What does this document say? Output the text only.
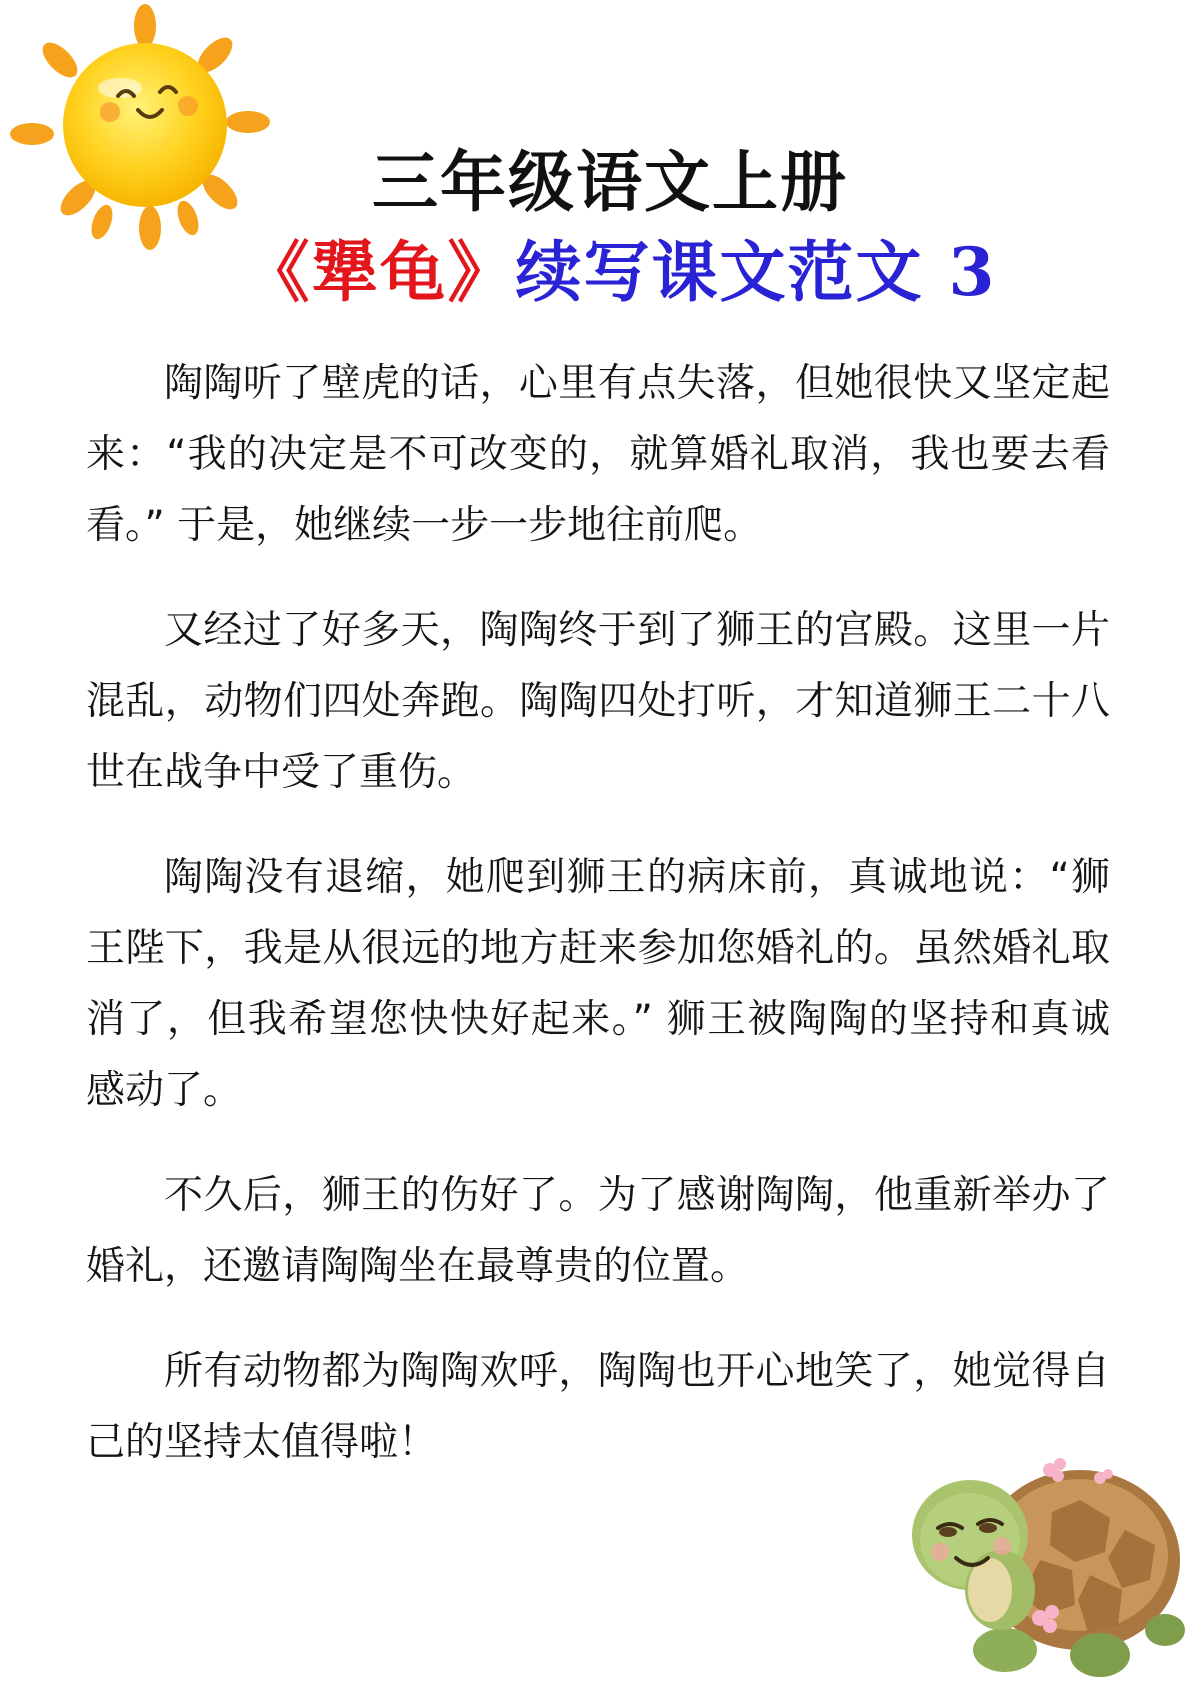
三年级语文上册
《犟龟》续写课文范文 3

陶陶听了壁虎的话，心里有点失落，但她很快又坚定起来：“我的决定是不可改变的，就算婚礼取消，我也要去看看。” 于是，她继续一步一步地往前爬。

又经过了好多天，陶陶终于到了狮王的宫殿。这里一片混乱，动物们四处奔跑。陶陶四处打听，才知道狮王二十八世在战争中受了重伤。

陶陶没有退缩，她爬到狮王的病床前，真诚地说：“狮王陛下，我是从很远的地方赶来参加您婚礼的。虽然婚礼取消了，但我希望您快快好起来。” 狮王被陶陶的坚持和真诚感动了。

不久后，狮王的伤好了。为了感谢陶陶，他重新举办了婚礼，还邀请陶陶坐在最尊贵的位置。

所有动物都为陶陶欢呼，陶陶也开心地笑了，她觉得自己的坚持太值得啦！
